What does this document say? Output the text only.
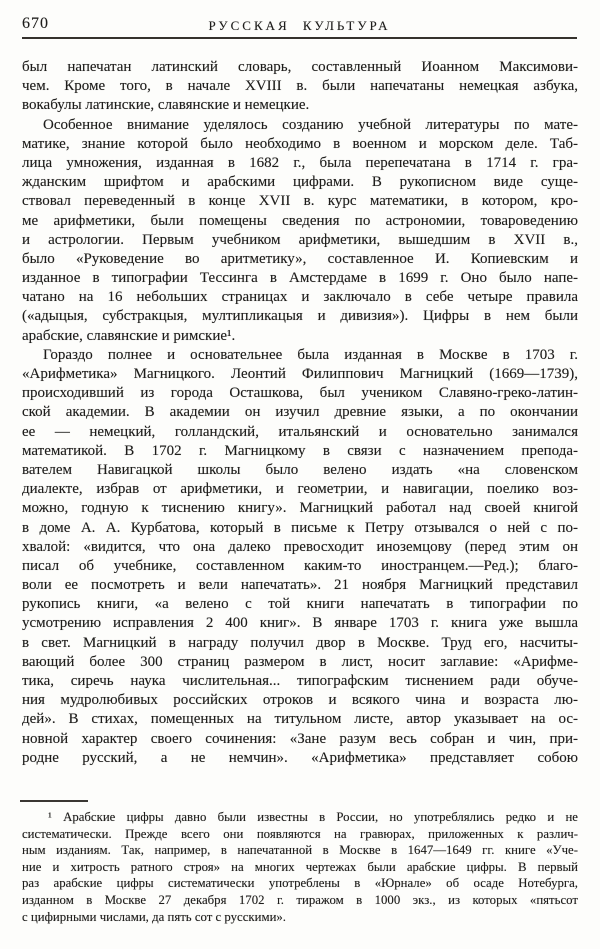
670	РУССКАЯ КУЛЬТУРА
был напечатан латинский словарь, составленный Иоанном Максимови-
чем. Кроме того, в начале XVIII в. были напечатаны немецкая азбука,
вокабулы латинские, славянские и немецкие.
Особенное внимание уделялось созданию учебной литературы по мате-
матике, знание которой было необходимо в военном и морском деле. Таб-
лица умножения, изданная в 1682 г., была перепечатана в 1714 г. гра-
жданским шрифтом и арабскими цифрами. В рукописном виде суще-
ствовал переведенный в конце XVII в. курс математики, в котором, кро-
ме арифметики, были помещены сведения по астрономии, товароведению
и астрологии. Первым учебником арифметики, вышедшим в XVII в.,
было «Руковедение во аритметику», составленное И. Копиевским и
изданное в типографии Тессинга в Амстердаме в 1699 г. Оно было напе-
чатано на 16 небольших страницах и заключало в себе четыре правила
(«адыцыя, субстракцыя, мултипликацыя и дивизия»). Цифры в нем были
арабские, славянские и римские¹.
Гораздо полнее и основательнее была изданная в Москве в 1703 г.
«Арифметика» Магницкого. Леонтий Филиппович Магницкий (1669—1739),
происходивший из города Осташкова, был учеником Славяно-греко-латин-
ской академии. В академии он изучил древние языки, а по окончании
ее — немецкий, голландский, итальянский и основательно занимался
математикой. В 1702 г. Магницкому в связи с назначением препода-
вателем Навигацкой школы было велено издать «на словенском
диалекте, избрав от арифметики, и геометрии, и навигации, поелико воз-
можно, годную к тиснению книгу». Магницкий работал над своей книгой
в доме А. А. Курбатова, который в письме к Петру отзывался о ней с по-
хвалой: «видится, что она далеко превосходит иноземцову (перед этим он
писал об учебнике, составленном каким-то иностранцем.—Ред.); благо-
воли ее посмотреть и вели напечатать». 21 ноября Магницкий представил
рукопись книги, «а велено с той книги напечатать в типографии по
усмотрению исправления 2 400 книг». В январе 1703 г. книга уже вышла
в свет. Магницкий в награду получил двор в Москве. Труд его, насчиты-
вающий более 300 страниц размером в лист, носит заглавие: «Арифме-
тика, сиречь наука числительная... типографским тиснением ради обуче-
ния мудролюбивых российских отроков и всякого чина и возраста лю-
дей». В стихах, помещенных на титульном листе, автор указывает на ос-
новной характер своего сочинения: «Зане разум весь собран и чин, при-
родне русский, а не немчин». «Арифметика» представляет собою
¹ Арабские цифры давно были известны в России, но употреблялись редко и не
систематически. Прежде всего они появляются на гравюрах, приложенных к различ-
ным изданиям. Так, например, в напечатанной в Москве в 1647—1649 гг. книге «Уче-
ние и хитрость ратного строя» на многих чертежах были арабские цифры. В первый
раз арабские цифры систематически употреблены в «Юрнале» об осаде Нотебурга,
изданном в Москве 27 декабря 1702 г. тиражом в 1000 экз., из которых «пятьсот
с цифирными числами, да пять сот с русскими».
